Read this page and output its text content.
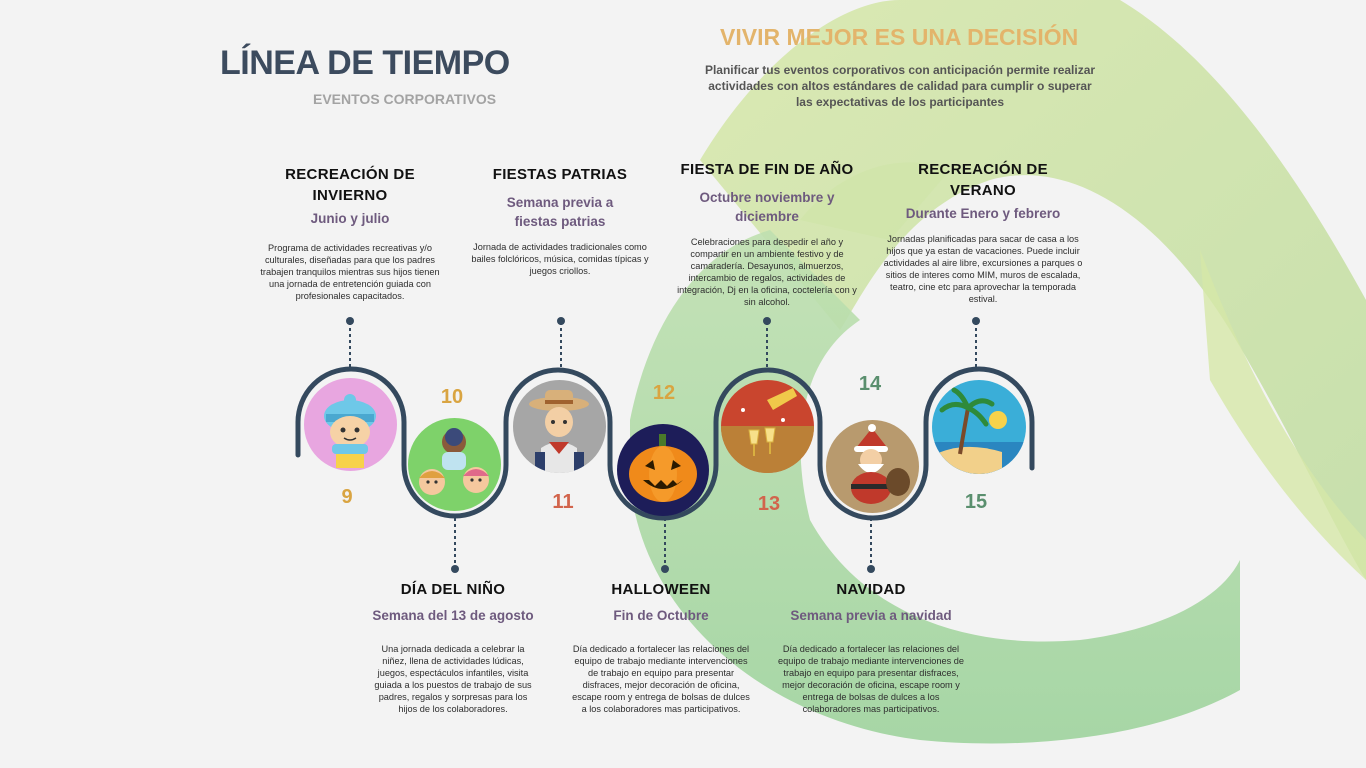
LÍNEA DE TIEMPO
EVENTOS CORPORATIVOS
VIVIR MEJOR ES UNA DECISIÓN
Planificar tus eventos corporativos con anticipación permite realizar actividades con altos estándares de calidad para cumplir o superar las expectativas de los participantes
9
10
11
12
13
14
15
RECREACIÓN DE INVIERNO
Junio y julio
Programa de actividades recreativas y/o culturales, diseñadas para que los padres trabajen tranquilos mientras sus hijos tienen una jornada de entretención guiada con profesionales capacitados.
FIESTAS PATRIAS
Semana previa a fiestas patrias
Jornada de actividades tradicionales como bailes folclóricos, música, comidas típicas y juegos criollos.
FIESTA DE FIN DE AÑO
Octubre noviembre y diciembre
Celebraciones para despedir el año y compartir en un ambiente festivo y de camaradería. Desayunos, almuerzos, intercambio de regalos, actividades de integración, Dj en la oficina, coctelería con y sin alcohol.
RECREACIÓN DE VERANO
Durante Enero y febrero
Jornadas planificadas para sacar de casa a los hijos que ya estan de vacaciones. Puede incluir actividades al aire libre, excursiones a parques o sitios de interes como MIM, muros de escalada, teatro, cine etc para aprovechar la temporada estival.
DÍA DEL NIÑO
Semana del 13 de agosto
Una jornada dedicada a celebrar la niñez, llena de actividades lúdicas, juegos, espectáculos infantiles, visita guiada a los puestos de trabajo de sus padres, regalos y sorpresas para los hijos de los colaboradores.
HALLOWEEN
Fin de Octubre
Día dedicado a fortalecer las relaciones del equipo de trabajo mediante intervenciones de trabajo en equipo para presentar disfraces, mejor decoración de oficina, escape room y entrega de bolsas de dulces a los colaboradores mas participativos.
NAVIDAD
Semana previa a navidad
Día dedicado a fortalecer las relaciones del equipo de trabajo mediante intervenciones de trabajo en equipo para presentar disfraces, mejor decoración de oficina, escape room y entrega de bolsas de dulces a los colaboradores mas participativos.
